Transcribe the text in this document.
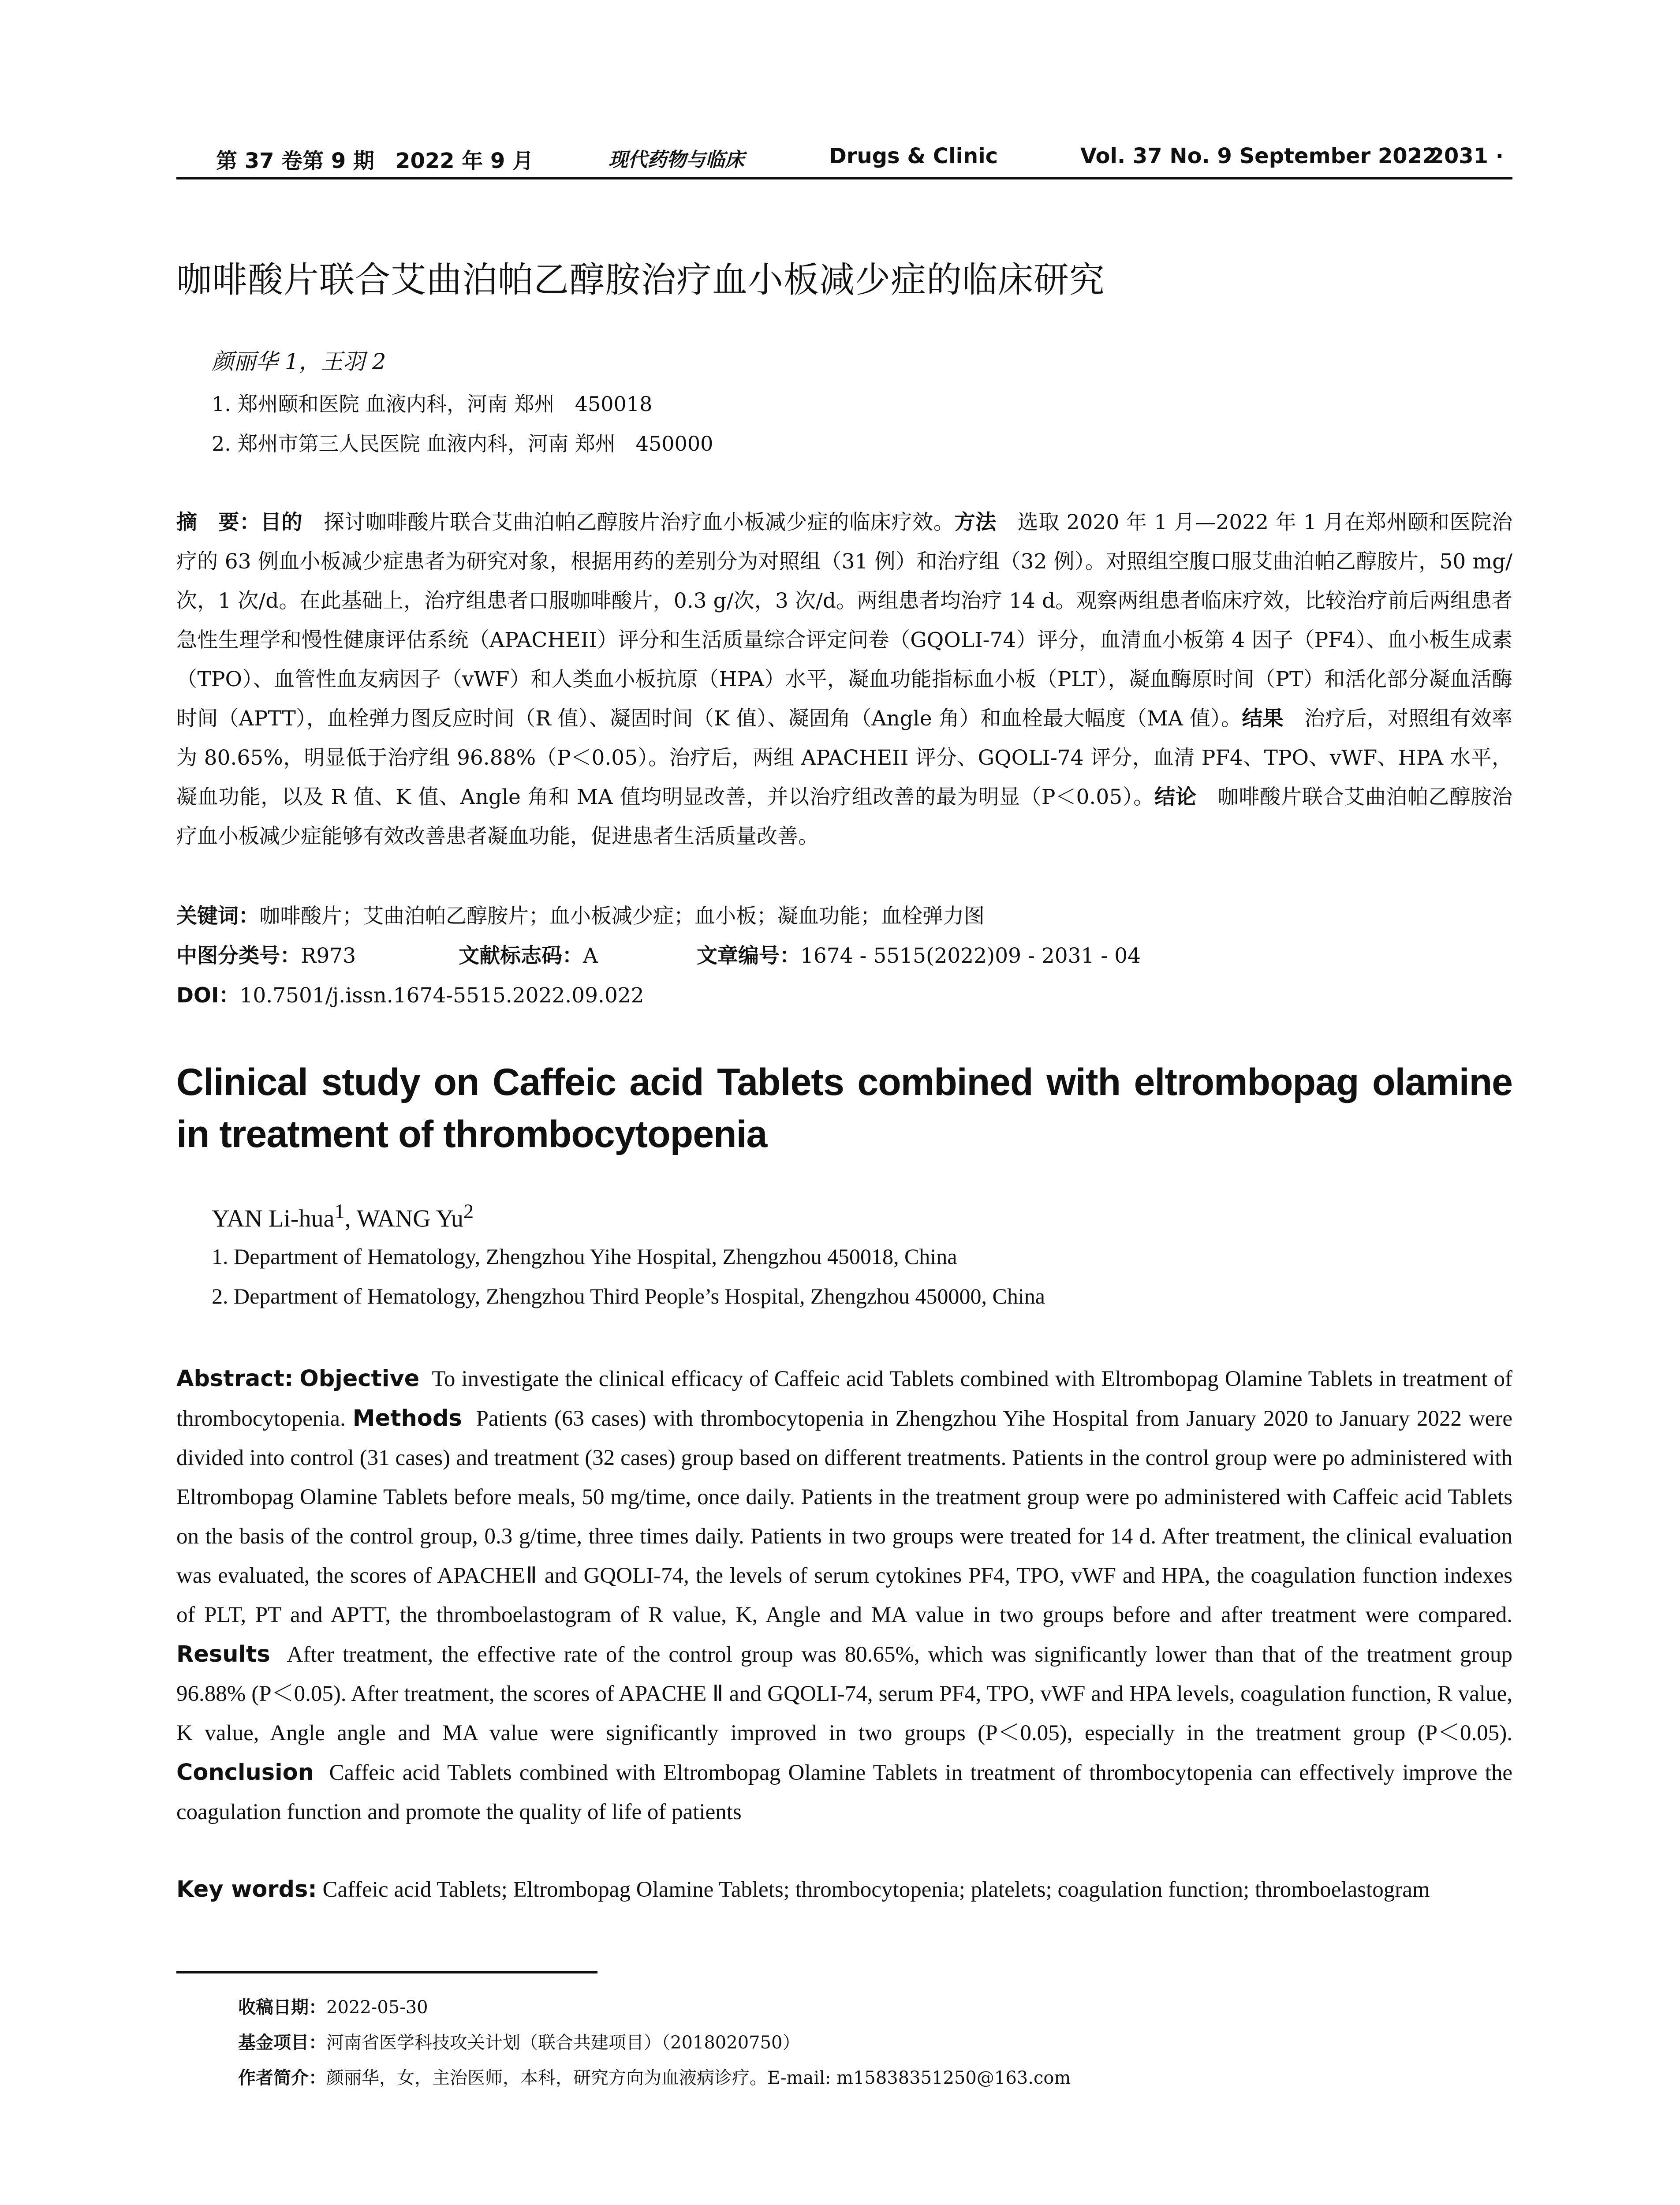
第 37 卷第 9 期　2022 年 9 月	现代药物与临床	Drugs & Clinic	Vol. 37 No. 9 September 2022
· 2031 ·
咖啡酸片联合艾曲泊帕乙醇胺治疗血小板减少症的临床研究
颜丽华 1，王羽 2
1. 郑州颐和医院 血液内科，河南 郑州　450018
2. 郑州市第三人民医院 血液内科，河南 郑州　450000
摘　要：目的　 探讨咖啡酸片联合艾曲泊帕乙醇胺片治疗血小板减少症的临床疗效。方法　 选取 2020 年 1 月—2022 年 1 月在郑州颐和医院治疗的 63 例血小板减少症患者为研究对象，根据用药的差别分为对照组（31 例）和治疗组（32 例）。对照组空腹口服艾曲泊帕乙醇胺片，50 mg/次，1 次/d。在此基础上，治疗组患者口服咖啡酸片，0.3 g/次，3 次/d。两组患者均治疗 14 d。观察两组患者临床疗效，比较治疗前后两组患者急性生理学和慢性健康评估系统（APACHEII）评分和生活质量综合评定问卷（GQOLI-74）评分，血清血小板第 4 因子（PF4）、血小板生成素（TPO）、血管性血友病因子（vWF）和人类血小板抗原（HPA）水平，凝血功能指标血小板（PLT），凝血酶原时间（PT）和活化部分凝血活酶时间（APTT），血栓弹力图反应时间（R 值）、凝固时间（K 值）、凝固角（Angle 角）和血栓最大幅度（MA 值）。结果　 治疗后，对照组有效率为 80.65%，明显低于治疗组 96.88%（P＜0.05）。治疗后，两组 APACHEII 评分、GQOLI-74 评分，血清 PF4、TPO、vWF、HPA 水平，凝血功能，以及 R 值、K 值、Angle 角和 MA 值均明显改善，并以治疗组改善的最为明显（P＜0.05）。结论　 咖啡酸片联合艾曲泊帕乙醇胺治疗血小板减少症能够有效改善患者凝血功能，促进患者生活质量改善。
关键词：咖啡酸片；艾曲泊帕乙醇胺片；血小板减少症；血小板；凝血功能；血栓弹力图
中图分类号：R973	文献标志码：A	文章编号：1674 - 5515(2022)09 - 2031 - 04
DOI：10.7501/j.issn.1674-5515.2022.09.022
Clinical study on Caffeic acid Tablets combined with eltrombopag olamine in treatment of thrombocytopenia
YAN Li-hua$^1$, WANG Yu$^2$
1. Department of Hematology, Zhengzhou Yihe Hospital, Zhengzhou 450018, China
2. Department of Hematology, Zhengzhou Third People’s Hospital, Zhengzhou 450000, China
Abstract: Objective To investigate the clinical efficacy of Caffeic acid Tablets combined with Eltrombopag Olamine Tablets in treatment of thrombocytopenia. Methods Patients (63 cases) with thrombocytopenia in Zhengzhou Yihe Hospital from January 2020 to January 2022 were divided into control (31 cases) and treatment (32 cases) group based on different treatments. Patients in the control group were po administered with Eltrombopag Olamine Tablets before meals, 50 mg/time, once daily. Patients in the treatment group were po administered with Caffeic acid Tablets on the basis of the control group, 0.3 g/time, three times daily. Patients in two groups were treated for 14 d. After treatment, the clinical evaluation was evaluated, the scores of APACHEⅡ and GQOLI-74, the levels of serum cytokines PF4, TPO, vWF and HPA, the coagulation function indexes of PLT, PT and APTT, the thromboelastogram of R value, K, Angle and MA value in two groups before and after treatment were compared. Results After treatment, the effective rate of the control group was 80.65%, which was significantly lower than that of the treatment group 96.88% (P＜0.05). After treatment, the scores of APACHE Ⅱ and GQOLI-74, serum PF4, TPO, vWF and HPA levels, coagulation function, R value, K value, Angle angle and MA value were significantly improved in two groups (P＜0.05), especially in the treatment group (P＜0.05). Conclusion Caffeic acid Tablets combined with Eltrombopag Olamine Tablets in treatment of thrombocytopenia can effectively improve the coagulation function and promote the quality of life of patients
Key words: Caffeic acid Tablets; Eltrombopag Olamine Tablets; thrombocytopenia; platelets; coagulation function; thromboelastogram
收稿日期：2022-05-30
基金项目：河南省医学科技攻关计划（联合共建项目）（2018020750）
作者简介：颜丽华，女，主治医师，本科，研究方向为血液病诊疗。E-mail: m15838351250@163.com
